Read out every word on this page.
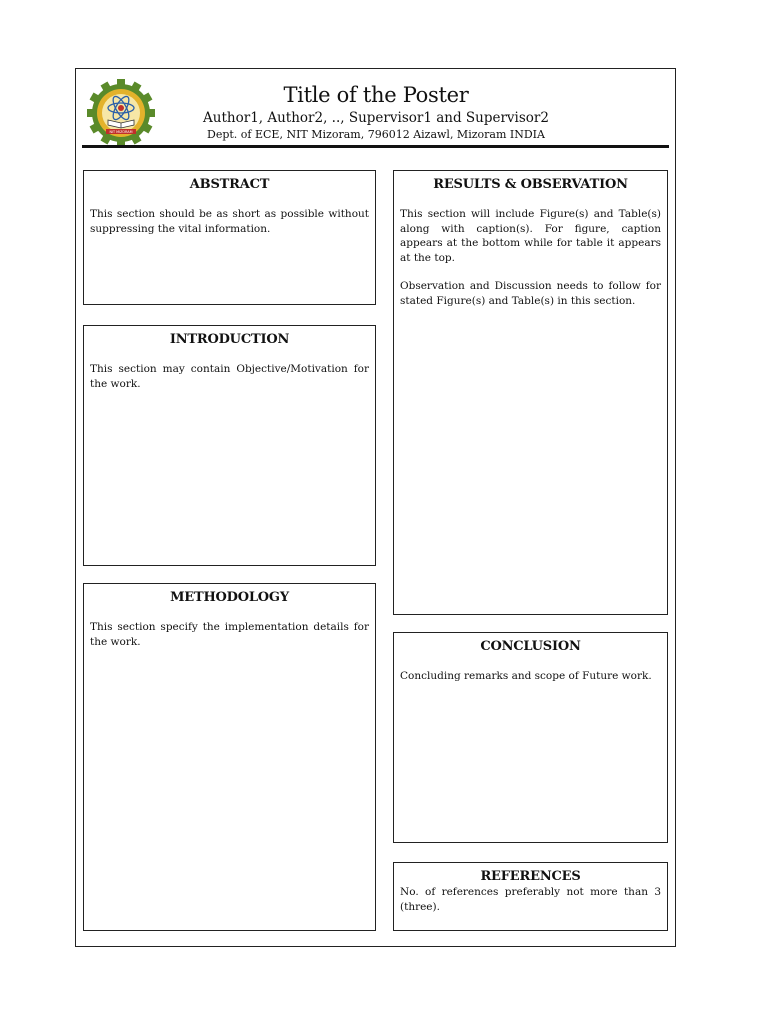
NIT MIZORAM
Title of the Poster

Author1, Author2, .., Supervisor1 and Supervisor2

Dept. of ECE, NIT Mizoram, 796012 Aizawl, Mizoram INDIA

ABSTRACT

This section should be as short as possible without suppressing the vital information.

INTRODUCTION

This section may contain Objective/Motivation for the work.

METHODOLOGY

This section specify the implementation details for the work.

RESULTS & OBSERVATION

This section will include Figure(s) and Table(s) along with caption(s). For figure, caption appears at the bottom while for table it appears at the top.

Observation and Discussion needs to follow for stated Figure(s) and Table(s) in this section.

CONCLUSION

Concluding remarks and scope of Future work.

REFERENCES

No. of references preferably not more than 3 (three).
